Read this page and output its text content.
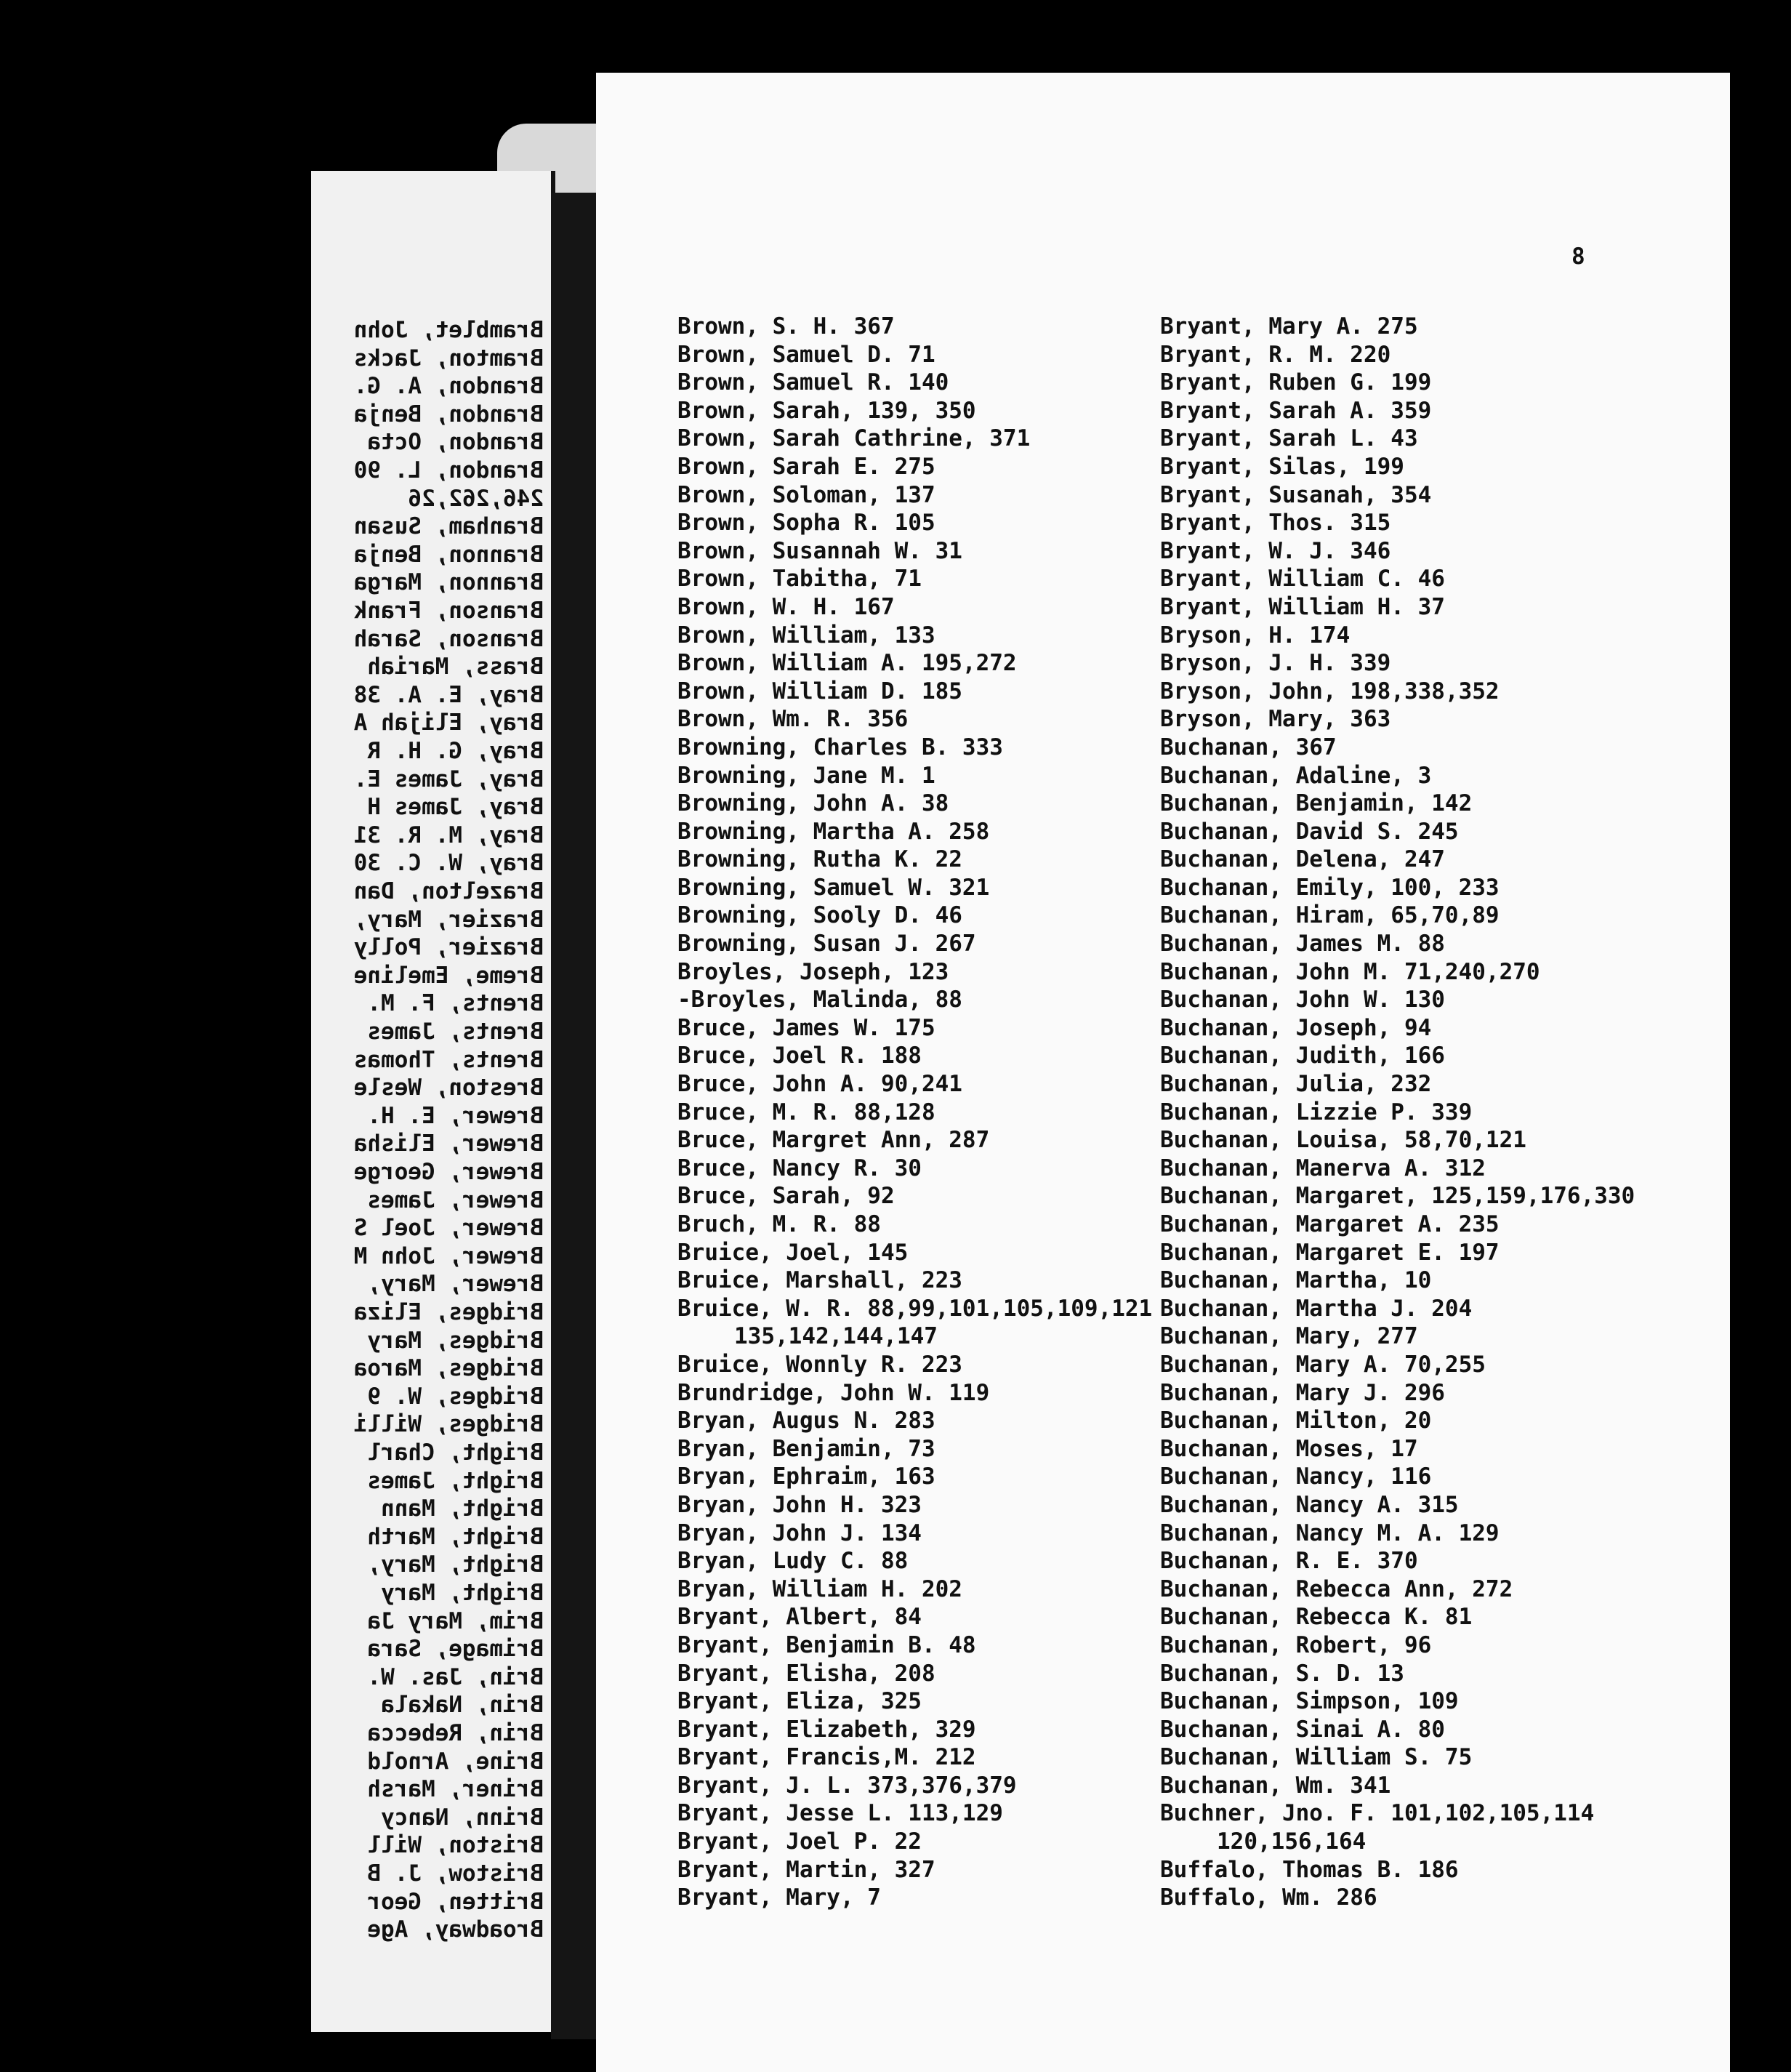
Bramblet, John
Bramton, Jacks
Brandon, A. G.
Brandon, Benja
Brandon, Octa
Brandon, L. 90
246,262,26
Branham, Susan
Brannon, Benja
Brannon, Marga
Branson, Frank
Branson, Sarah
Brass, Mariah
Bray, E. A. 38
Bray, Elijah A
Bray, G. H. R
Bray, James E.
Bray, James H
Bray, M. R. 31
Bray, W. C. 30
Brazelton, Dan
Brazier, Mary,
Brazier, Polly
Breme, Emeline
Brents, F. M.
Brents, James
Brents, Thomas
Breston, Wesle
Brewer, E. H.
Brewer, Elisha
Brewer, George
Brewer, James
Brewer, Joel S
Brewer, John M
Brewer, Mary,
Bridges, Eliza
Bridges, Mary
Bridges, Maroa
Bridges, W. 9
Bridges, Willi
Bright, Charl
Bright, James
Bright, Mann
Bright, Marth
Bright, Mary,
Bright, Mary
Brim, Mary Ja
Brimage, Sara
Brin, Jas. W.
Brin, Nakala
Brin, Rebecca
Brine, Arnold
Briner, Marsh
Brinn, Nancy
Briston, Will
Bristow, J. B
Britten, Geor
Broadway, Age
8
Brown, S. H. 367
Brown, Samuel D. 71
Brown, Samuel R. 140
Brown, Sarah, 139, 350
Brown, Sarah Cathrine, 371
Brown, Sarah E. 275
Brown, Soloman, 137
Brown, Sopha R. 105
Brown, Susannah W. 31
Brown, Tabitha, 71
Brown, W. H. 167
Brown, William, 133
Brown, William A. 195,272
Brown, William D. 185
Brown, Wm. R. 356
Browning, Charles B. 333
Browning, Jane M. 1
Browning, John A. 38
Browning, Martha A. 258
Browning, Rutha K. 22
Browning, Samuel W. 321
Browning, Sooly D. 46
Browning, Susan J. 267
Broyles, Joseph, 123
-Broyles, Malinda, 88
Bruce, James W. 175
Bruce, Joel R. 188
Bruce, John A. 90,241
Bruce, M. R. 88,128
Bruce, Margret Ann, 287
Bruce, Nancy R. 30
Bruce, Sarah, 92
Bruch, M. R. 88
Bruice, Joel, 145
Bruice, Marshall, 223
Bruice, W. R. 88,99,101,105,109,121
135,142,144,147
Bruice, Wonnly R. 223
Brundridge, John W. 119
Bryan, Augus N. 283
Bryan, Benjamin, 73
Bryan, Ephraim, 163
Bryan, John H. 323
Bryan, John J. 134
Bryan, Ludy C. 88
Bryan, William H. 202
Bryant, Albert, 84
Bryant, Benjamin B. 48
Bryant, Elisha, 208
Bryant, Eliza, 325
Bryant, Elizabeth, 329
Bryant, Francis,M. 212
Bryant, J. L. 373,376,379
Bryant, Jesse L. 113,129
Bryant, Joel P. 22
Bryant, Martin, 327
Bryant, Mary, 7
Bryant, Mary A. 275
Bryant, R. M. 220
Bryant, Ruben G. 199
Bryant, Sarah A. 359
Bryant, Sarah L. 43
Bryant, Silas, 199
Bryant, Susanah, 354
Bryant, Thos. 315
Bryant, W. J. 346
Bryant, William C. 46
Bryant, William H. 37
Bryson, H. 174
Bryson, J. H. 339
Bryson, John, 198,338,352
Bryson, Mary, 363
Buchanan, 367
Buchanan, Adaline, 3
Buchanan, Benjamin, 142
Buchanan, David S. 245
Buchanan, Delena, 247
Buchanan, Emily, 100, 233
Buchanan, Hiram, 65,70,89
Buchanan, James M. 88
Buchanan, John M. 71,240,270
Buchanan, John W. 130
Buchanan, Joseph, 94
Buchanan, Judith, 166
Buchanan, Julia, 232
Buchanan, Lizzie P. 339
Buchanan, Louisa, 58,70,121
Buchanan, Manerva A. 312
Buchanan, Margaret, 125,159,176,330
Buchanan, Margaret A. 235
Buchanan, Margaret E. 197
Buchanan, Martha, 10
Buchanan, Martha J. 204
Buchanan, Mary, 277
Buchanan, Mary A. 70,255
Buchanan, Mary J. 296
Buchanan, Milton, 20
Buchanan, Moses, 17
Buchanan, Nancy, 116
Buchanan, Nancy A. 315
Buchanan, Nancy M. A. 129
Buchanan, R. E. 370
Buchanan, Rebecca Ann, 272
Buchanan, Rebecca K. 81
Buchanan, Robert, 96
Buchanan, S. D. 13
Buchanan, Simpson, 109
Buchanan, Sinai A. 80
Buchanan, William S. 75
Buchanan, Wm. 341
Buchner, Jno. F. 101,102,105,114
120,156,164
Buffalo, Thomas B. 186
Buffalo, Wm. 286
